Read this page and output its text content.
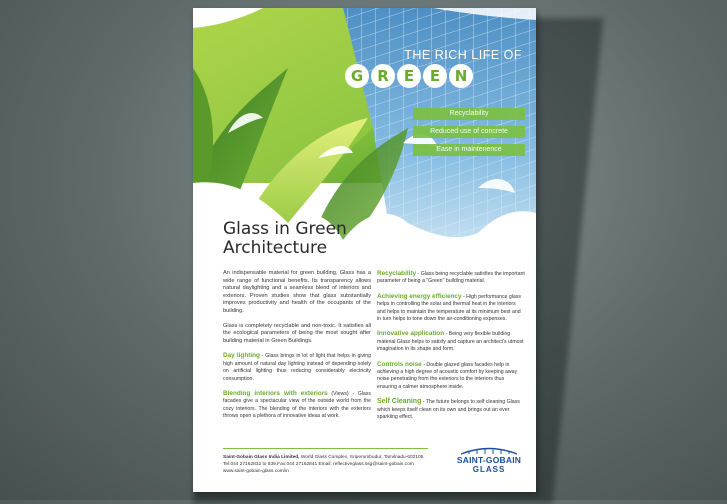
THE RICH LIFE OF
G R	E	E N
Recyclability
Reduced use of concrete
Ease in maintenence
Glass in Green
Architecture

An indispensable material for green building, Glass has a wide range of functional benefits. Its transparency allows natural daylighting and a seamless blend of interiors and exteriors. Proven studies show that glass substantially improves productivity and health of the occupants of the building.

Glass is completely recyclable and non-toxic. It satisfies all the ecological parameters of being the most sought after building material in Green Buildings.

Day lighting - Glass brings in lot of light that helps in giving high amount of natural day lighting instead of depending solely on artificial lighting thus reducing considerably electricity consumption.

Blending interiors with exteriors (Views) - Glass facades give a spectacular view of the outside world from the cozy interiors. The blending of the interiors with the exteriors throws open a plethora of innovative ideas at work.

Recyclability - Glass being recyclable satisfies the important parameter of being a "Green" building material.

Achieving energy efficiency - High performance glass helps in controlling the solar and thermal heat in the interiors and helps to maintain the temperature at its minimum best and in turn helps to tone down the air-conditioning expenses.

Innovative application - Being very flexible building material Glass helps to satisfy and capture an architect's utmost imagination in its shape and form.

Controls noise - Double glazed glass facades help in achieving a high degree of acoustic comfort by keeping away noise penetrating from the exteriors to the interiors thus ensuring a calmer atmosphere inside.

Self Cleaning - The future belongs to self cleaning Glass which keeps itself clean on its own and brings out an ever sparkling effect.

Saint-Gobain Glass India Limited, World Glass Complex, Sriperumbudur, Tamilnadu-602105.
Tel:044 27162832 to 839.Fax:044 27162841 Email: reflectiveglass.ssg@saint-gobain.com
www.saint-gobain-glass.com/in
SAINT-GOBAIN
GLASS
